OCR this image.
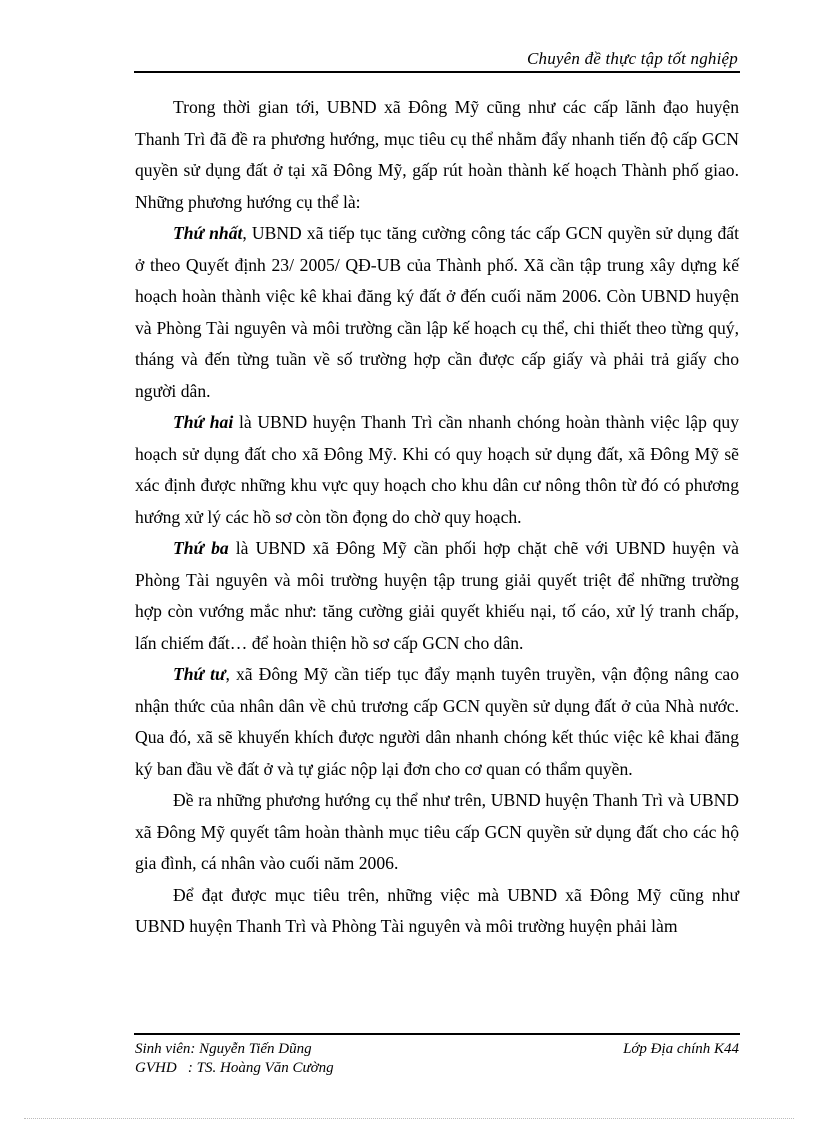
Chuyên đề thực tập tốt nghiệp

Trong thời gian tới, UBND xã Đông Mỹ cũng như các cấp lãnh đạo huyện Thanh Trì đã đề ra phương hướng, mục tiêu cụ thể nhằm đẩy nhanh tiến độ cấp GCN quyền sử dụng đất ở tại xã Đông Mỹ, gấp rút hoàn thành kế hoạch Thành phố giao. Những phương hướng cụ thể là:

Thứ nhất, UBND xã tiếp tục tăng cường công tác cấp GCN quyền sử dụng đất ở theo Quyết định 23/ 2005/ QĐ-UB của Thành phố. Xã cần tập trung xây dựng kế hoạch hoàn thành việc kê khai đăng ký đất ở đến cuối năm 2006. Còn UBND huyện và Phòng Tài nguyên và môi trường cần lập kế hoạch cụ thể, chi thiết theo từng quý, tháng và đến từng tuần về số trường hợp cần được cấp giấy và phải trả giấy cho người dân.

Thứ hai là UBND huyện Thanh Trì cần nhanh chóng hoàn thành việc lập quy hoạch sử dụng đất cho xã Đông Mỹ. Khi có quy hoạch sử dụng đất, xã Đông Mỹ sẽ xác định được những khu vực quy hoạch cho khu dân cư nông thôn từ đó có phương hướng xử lý các hồ sơ còn tồn đọng do chờ quy hoạch.

Thứ ba là UBND xã Đông Mỹ cần phối hợp chặt chẽ với UBND huyện và Phòng Tài nguyên và môi trường huyện tập trung giải quyết triệt để những trường hợp còn vướng mắc như: tăng cường giải quyết khiếu nại, tố cáo, xử lý tranh chấp, lấn chiếm đất… để hoàn thiện hồ sơ cấp GCN cho dân.

Thứ tư, xã Đông Mỹ cần tiếp tục đẩy mạnh tuyên truyền, vận động nâng cao nhận thức của nhân dân về chủ trương cấp GCN quyền sử dụng đất ở của Nhà nước. Qua đó, xã sẽ khuyến khích được người dân nhanh chóng kết thúc việc kê khai đăng ký ban đầu về đất ở và tự giác nộp lại đơn cho cơ quan có thẩm quyền.

Đề ra những phương hướng cụ thể như trên, UBND huyện Thanh Trì và UBND xã Đông Mỹ quyết tâm hoàn thành mục tiêu cấp GCN quyền sử dụng đất cho các hộ gia đình, cá nhân vào cuối năm 2006.

Để đạt được mục tiêu trên, những việc mà UBND xã Đông Mỹ cũng như UBND huyện Thanh Trì và Phòng Tài nguyên và môi trường huyện phải làm

Sinh viên: Nguyễn Tiến Dũng	Lớp Địa chính K44
GVHD   : TS. Hoàng Văn Cường
